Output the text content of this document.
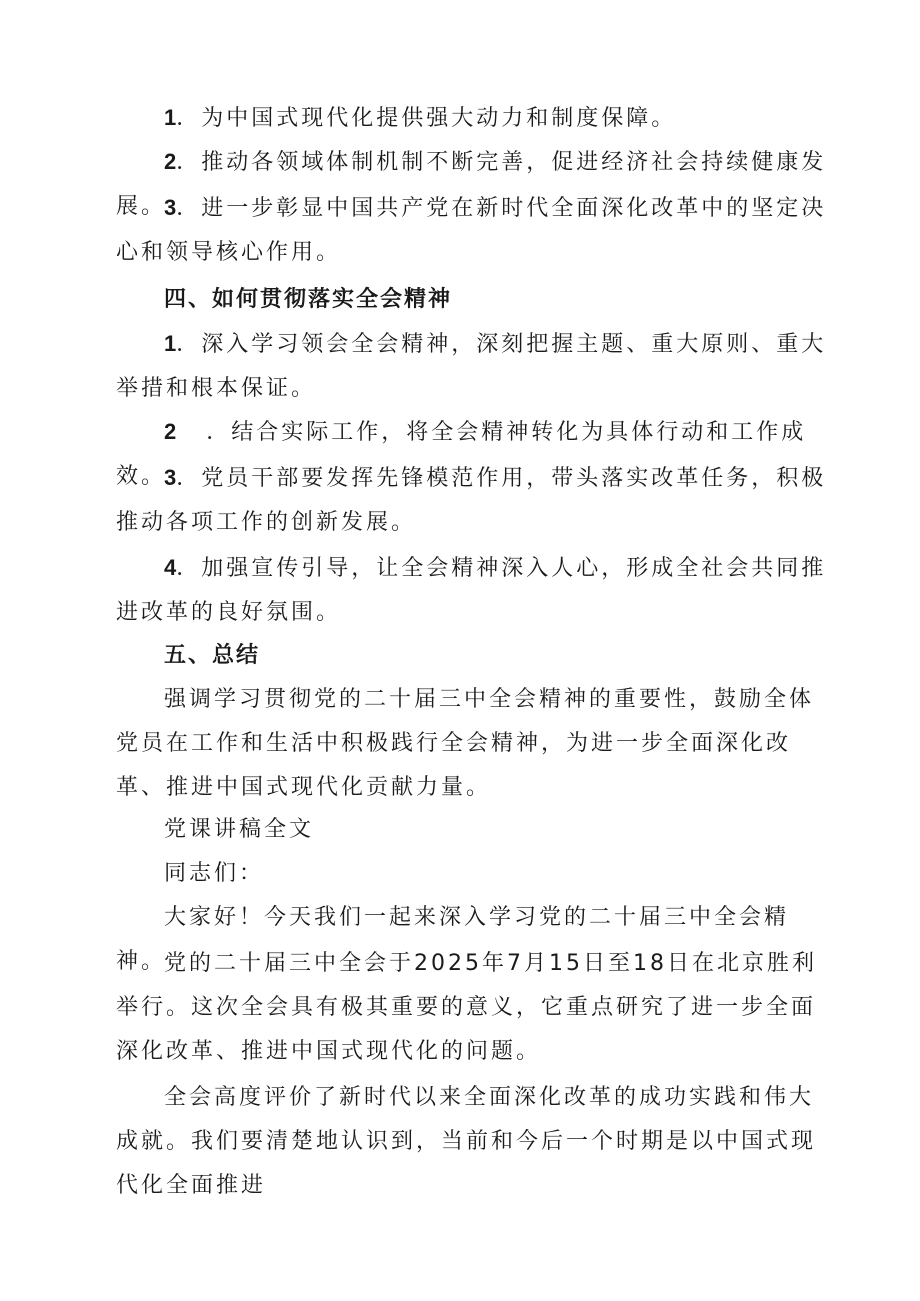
1．为中国式现代化提供强大动力和制度保障。

2．推动各领域体制机制不断完善，促进经济社会持续健康发展。

3．进一步彰显中国共产党在新时代全面深化改革中的坚定决心和领导核心作用。

四、如何贯彻落实全会精神

1．深入学习领会全会精神，深刻把握主题、重大原则、重大举措和根本保证。

2 ．结合实际工作，将全会精神转化为具体行动和工作成效。

3．党员干部要发挥先锋模范作用，带头落实改革任务，积极推动各项工作的创新发展。

4．加强宣传引导，让全会精神深入人心，形成全社会共同推进改革的良好氛围。

五、总结

强调学习贯彻党的二十届三中全会精神的重要性，鼓励全体党员在工作和生活中积极践行全会精神，为进一步全面深化改革、推进中国式现代化贡献力量。

党课讲稿全文

同志们：

大家好！今天我们一起来深入学习党的二十届三中全会精神。

党的二十届三中全会于2025年7月15日至18日在北京胜利举行。这次全会具有极其重要的意义，它重点研究了进一步全面深化改革、推进中国式现代化的问题。

全会高度评价了新时代以来全面深化改革的成功实践和伟大成就。我们要清楚地认识到，当前和今后一个时期是以中国式现代化全面推进
